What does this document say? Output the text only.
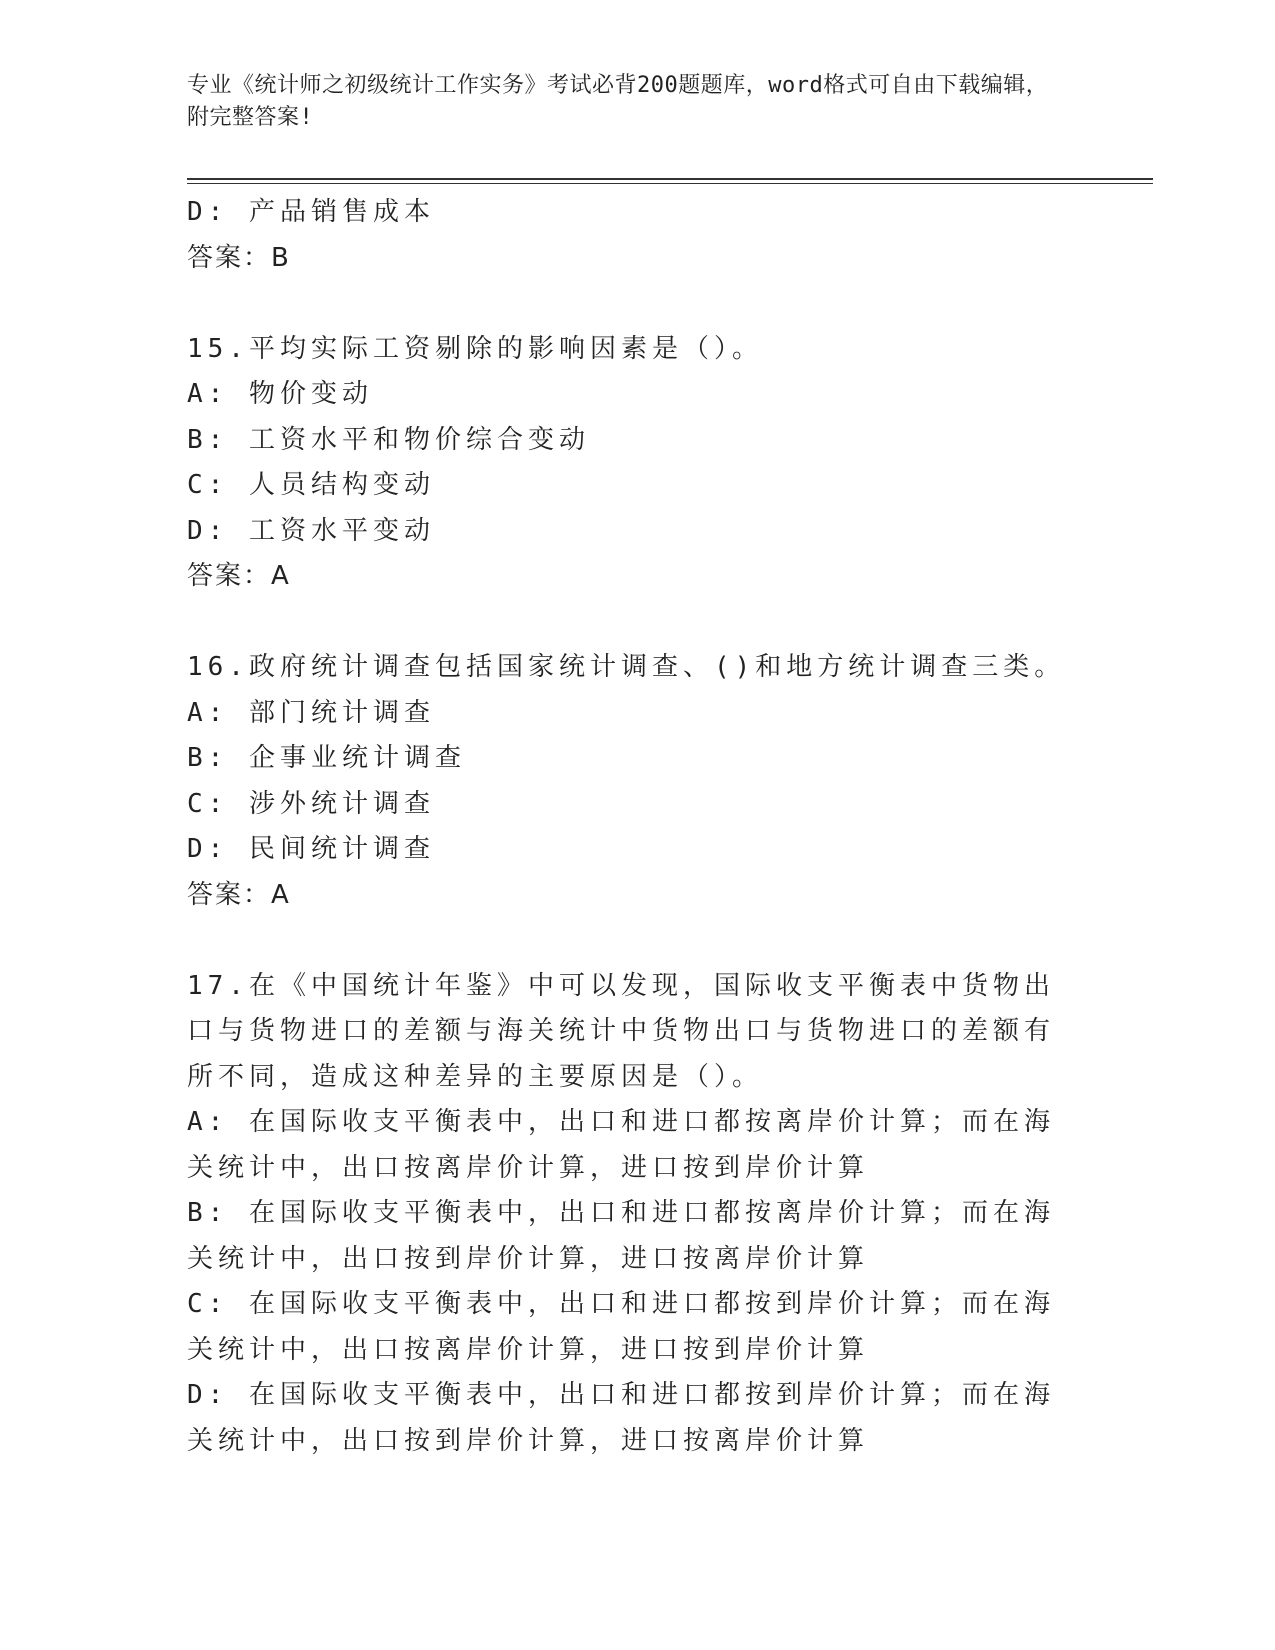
专业《统计师之初级统计工作实务》考试必背200题题库，word格式可自由下载编辑，附完整答案!
D: 产品销售成本
答案：B
15.平均实际工资剔除的影响因素是（）。
A: 物价变动
B: 工资水平和物价综合变动
C: 人员结构变动
D: 工资水平变动
答案：A
16.政府统计调查包括国家统计调查、()和地方统计调查三类。
A: 部门统计调查
B: 企事业统计调查
C: 涉外统计调查
D: 民间统计调查
答案：A
17.在《中国统计年鉴》中可以发现，国际收支平衡表中货物出口与货物进口的差额与海关统计中货物出口与货物进口的差额有所不同，造成这种差异的主要原因是（）。
A: 在国际收支平衡表中，出口和进口都按离岸价计算；而在海关统计中，出口按离岸价计算，进口按到岸价计算
B: 在国际收支平衡表中，出口和进口都按离岸价计算；而在海关统计中，出口按到岸价计算，进口按离岸价计算
C: 在国际收支平衡表中，出口和进口都按到岸价计算；而在海关统计中，出口按离岸价计算，进口按到岸价计算
D: 在国际收支平衡表中，出口和进口都按到岸价计算；而在海关统计中，出口按到岸价计算，进口按离岸价计算
